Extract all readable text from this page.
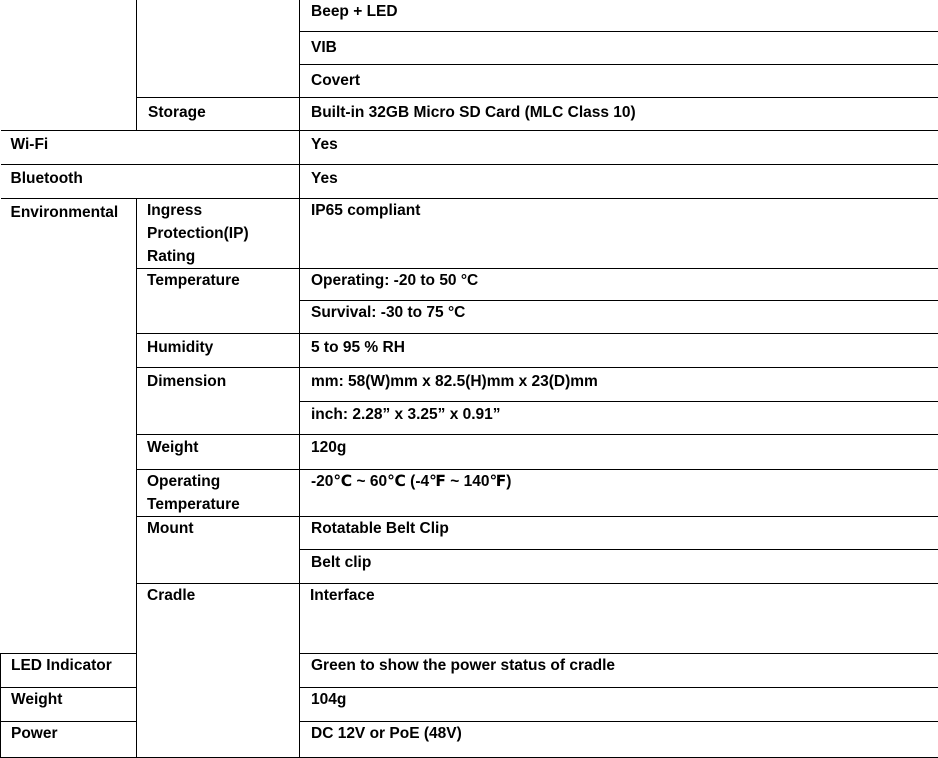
		Beep + LED	
		VIB	
		Covert	
	Storage	Built-in 32GB Micro SD Card (MLC Class 10)	
Wi-Fi		Yes	
Bluetooth		Yes	
Environmental	Ingress Protection(IP) Rating	IP65 compliant	
	Temperature	Operating: -20 to 50 °C	
		Survival: -30 to 75 °C	
	Humidity	5 to 95 % RH	
	Dimension	mm: 58(W)mm x 82.5(H)mm x 23(D)mm	
		inch: 2.28” x 3.25” x 0.91”	
	Weight	120g	
	Operating Temperature	-20℃ ~ 60℃ (-4℉ ~ 140℉)	
	Mount	Rotatable Belt Clip	
		Belt clip	
	Cradle	Interface	
LED Indicator		Green to show the power status of cradle	
Weight		104g	
Power		DC 12V or PoE (48V)	
